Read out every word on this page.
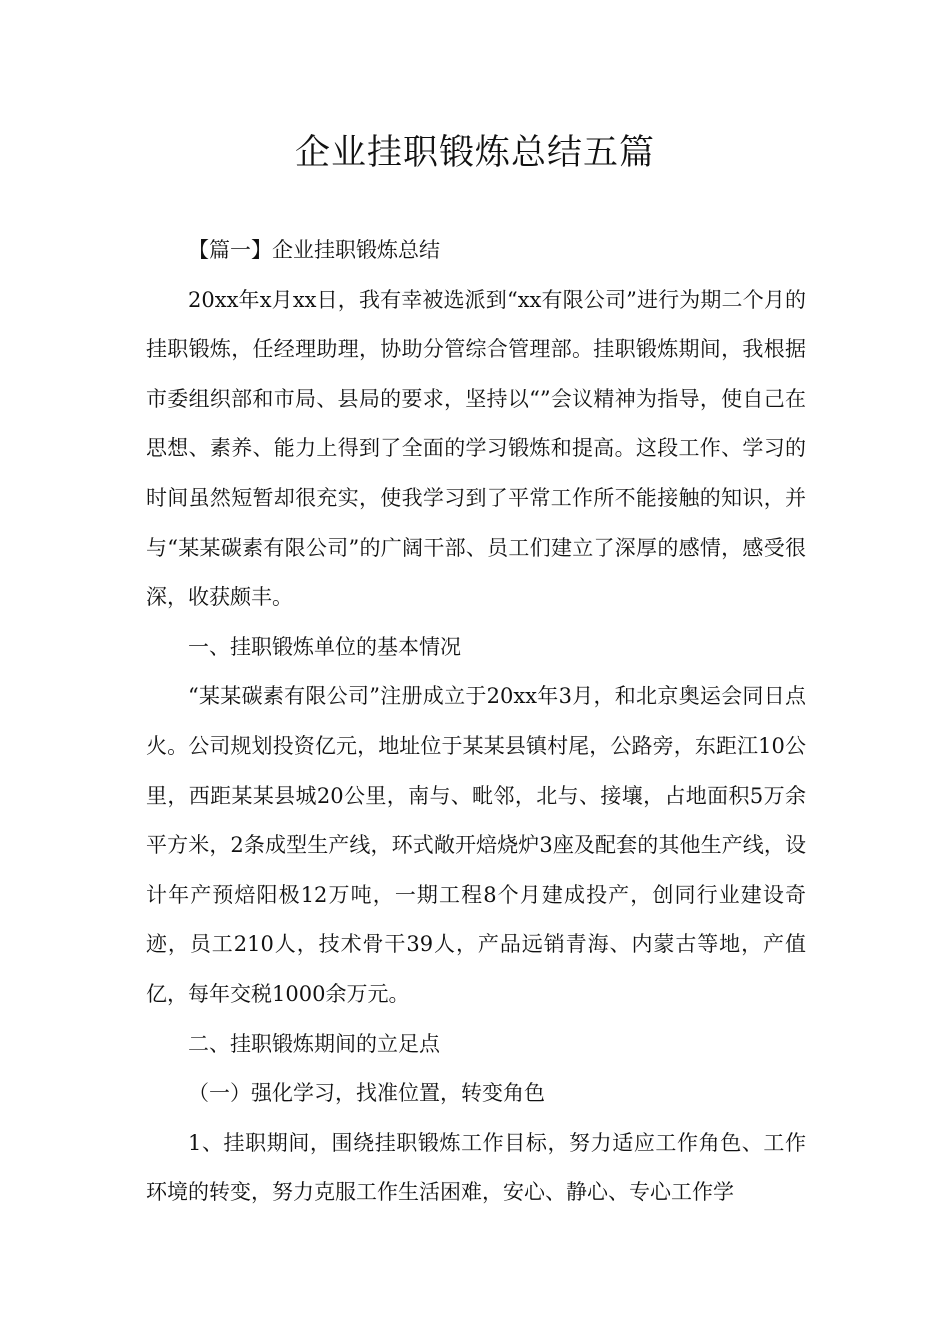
企业挂职锻炼总结五篇

【篇一】企业挂职锻炼总结

20xx年x月xx日，我有幸被选派到“xx有限公司”进行为期二个月的挂职锻炼，任经理助理，协助分管综合管理部。挂职锻炼期间，我根据市委组织部和市局、县局的要求，坚持以“”会议精神为指导，使自己在思想、素养、能力上得到了全面的学习锻炼和提高。这段工作、学习的时间虽然短暂却很充实，使我学习到了平常工作所不能接触的知识，并与“某某碳素有限公司”的广阔干部、员工们建立了深厚的感情，感受很深，收获颇丰。

一、挂职锻炼单位的基本情况

“某某碳素有限公司”注册成立于20xx年3月，和北京奥运会同日点火。公司规划投资亿元，地址位于某某县镇村尾，公路旁，东距江10公里，西距某某县城20公里，南与、毗邻，北与、接壤，占地面积5万余平方米，2条成型生产线，环式敞开焙烧炉3座及配套的其他生产线，设计年产预焙阳极12万吨，一期工程8个月建成投产，创同行业建设奇迹，员工210人，技术骨干39人，产品远销青海、内蒙古等地，产值亿，每年交税1000余万元。

二、挂职锻炼期间的立足点

（一）强化学习，找准位置，转变角色

1、挂职期间，围绕挂职锻炼工作目标，努力适应工作角色、工作环境的转变，努力克服工作生活困难，安心、静心、专心工作学
